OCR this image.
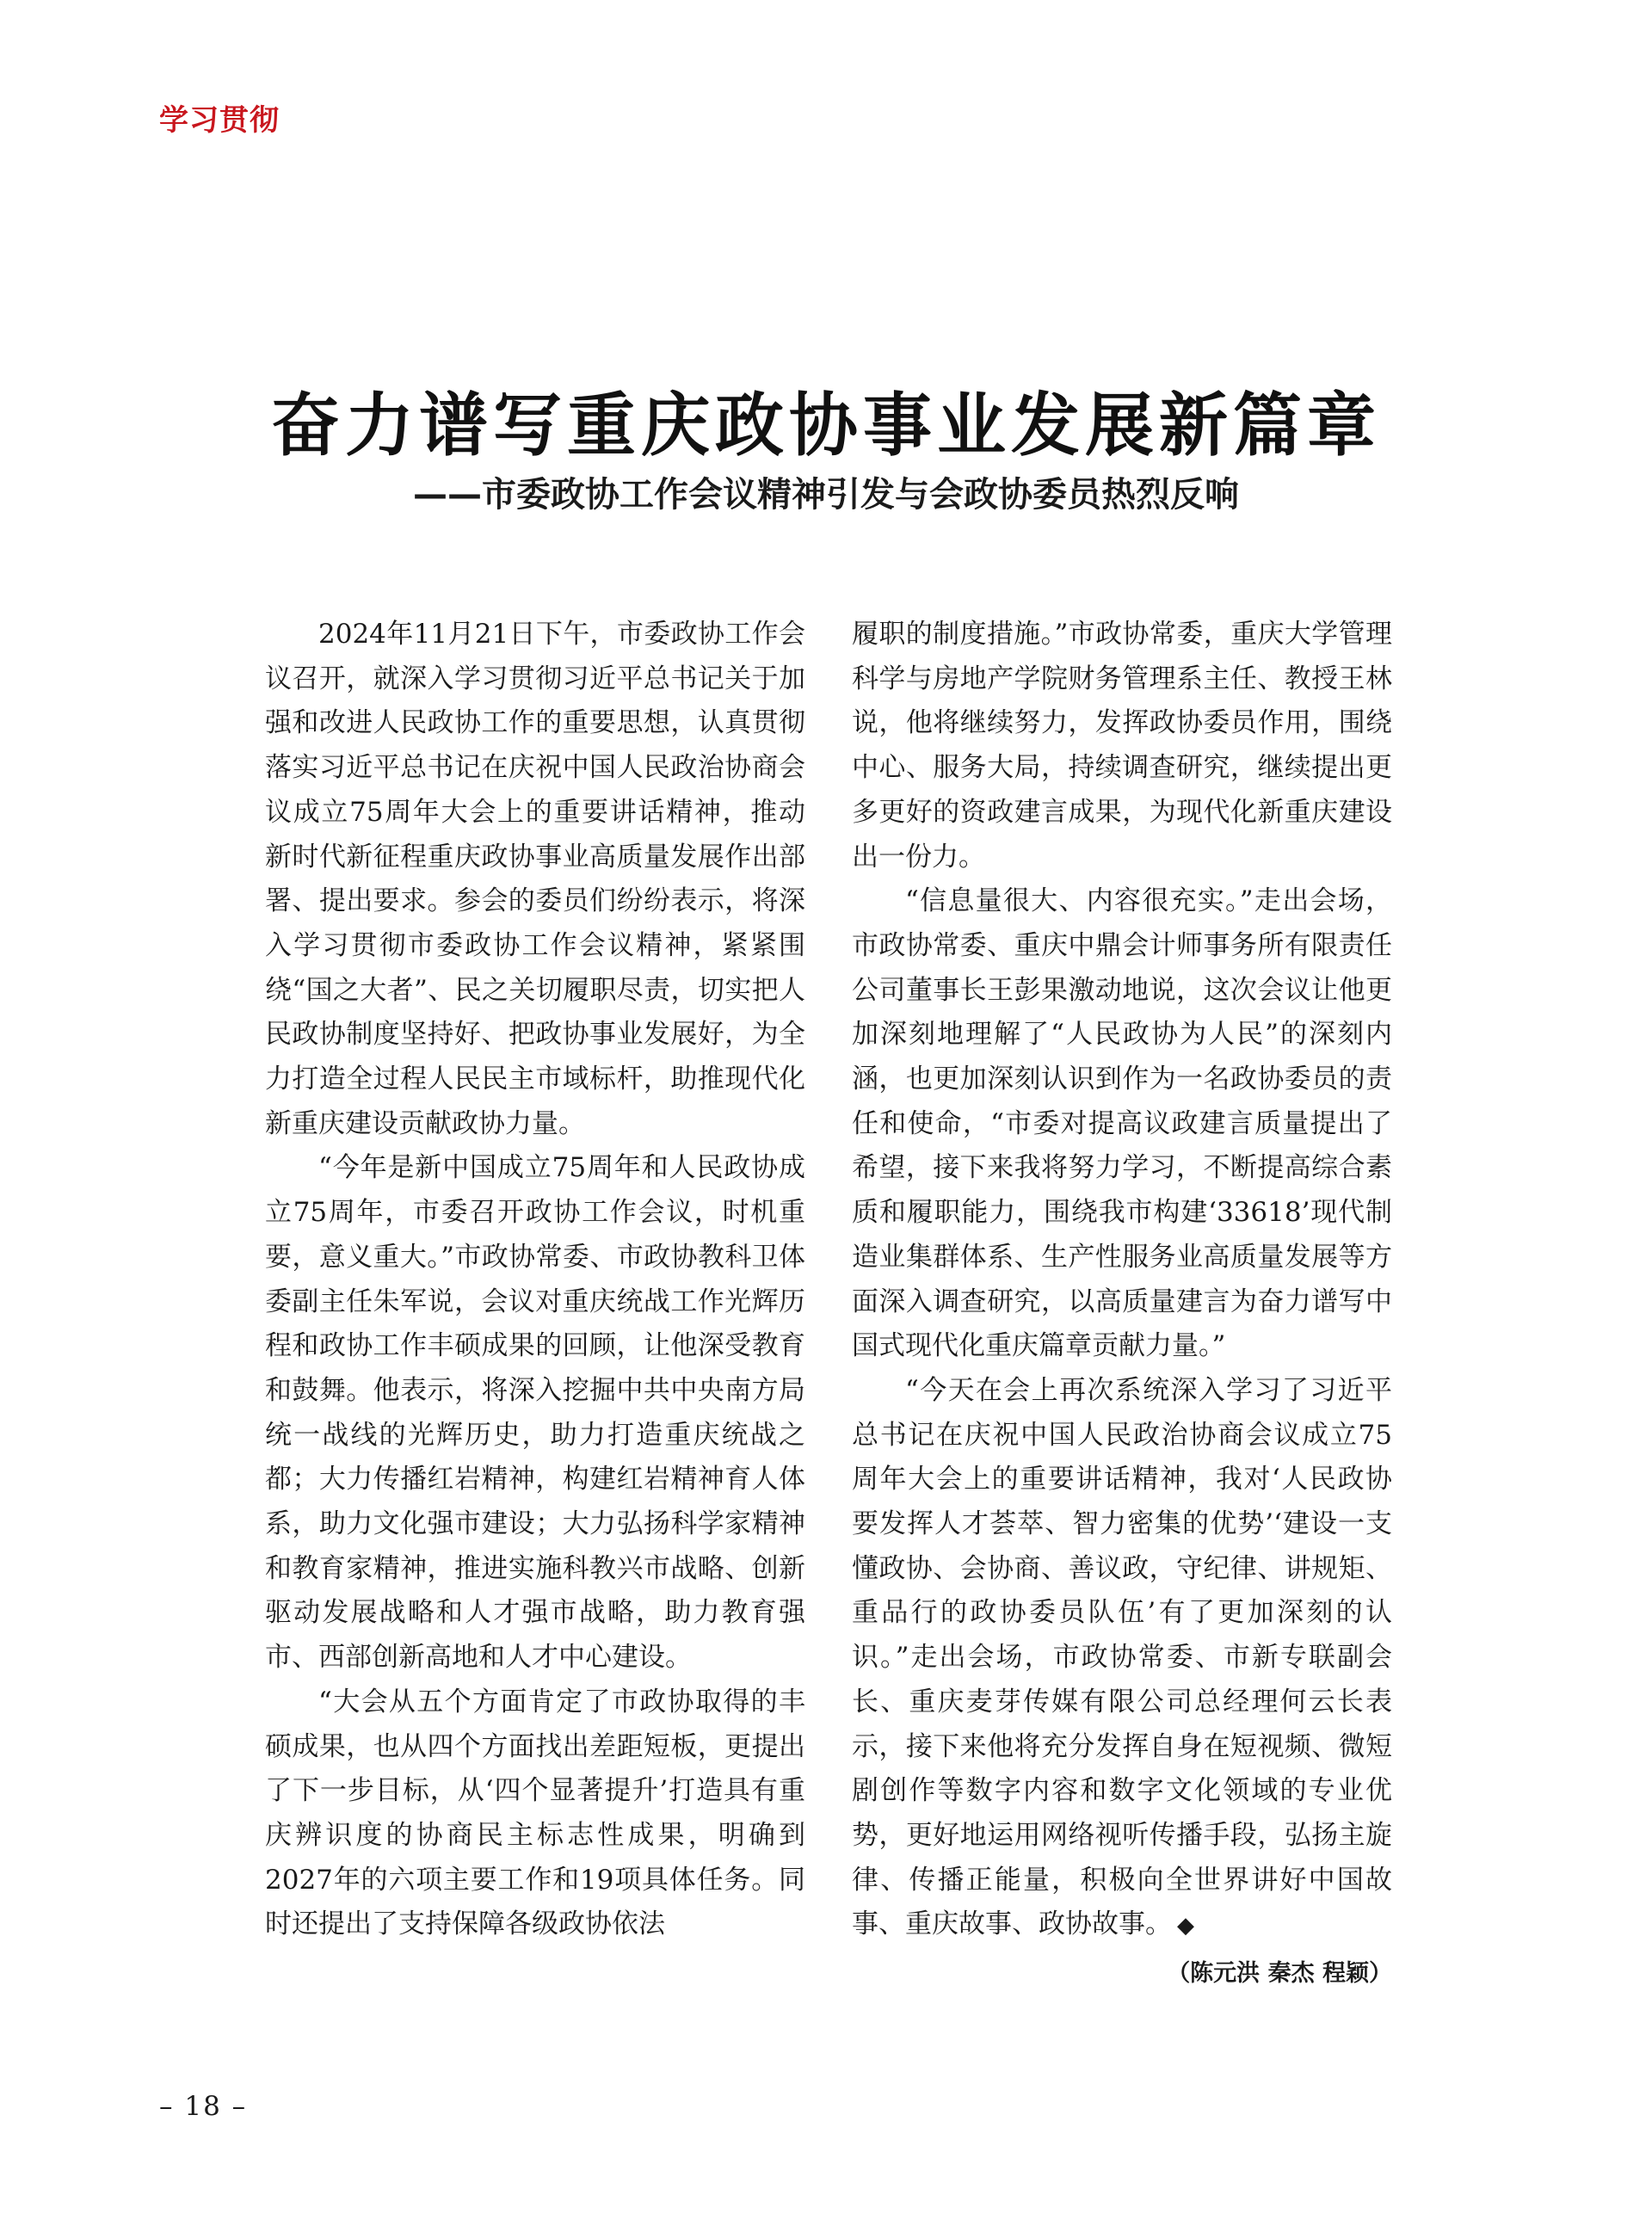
学习贯彻
奋力谱写重庆政协事业发展新篇章
——市委政协工作会议精神引发与会政协委员热烈反响

2024年11月21日下午，市委政协工作会议召开，就深入学习贯彻习近平总书记关于加强和改进人民政协工作的重要思想，认真贯彻落实习近平总书记在庆祝中国人民政治协商会议成立75周年大会上的重要讲话精神，推动新时代新征程重庆政协事业高质量发展作出部署、提出要求。参会的委员们纷纷表示，将深入学习贯彻市委政协工作会议精神，紧紧围绕“国之大者”、民之关切履职尽责，切实把人民政协制度坚持好、把政协事业发展好，为全力打造全过程人民民主市域标杆，助推现代化新重庆建设贡献政协力量。

“今年是新中国成立75周年和人民政协成立75周年，市委召开政协工作会议，时机重要，意义重大。”市政协常委、市政协教科卫体委副主任朱军说，会议对重庆统战工作光辉历程和政协工作丰硕成果的回顾，让他深受教育和鼓舞。他表示，将深入挖掘中共中央南方局统一战线的光辉历史，助力打造重庆统战之都；大力传播红岩精神，构建红岩精神育人体系，助力文化强市建设；大力弘扬科学家精神和教育家精神，推进实施科教兴市战略、创新驱动发展战略和人才强市战略，助力教育强市、西部创新高地和人才中心建设。

“大会从五个方面肯定了市政协取得的丰硕成果，也从四个方面找出差距短板，更提出了下一步目标，从‘四个显著提升’打造具有重庆辨识度的协商民主标志性成果，明确到2027年的六项主要工作和19项具体任务。同时还提出了支持保障各级政协依法

履职的制度措施。”市政协常委，重庆大学管理科学与房地产学院财务管理系主任、教授王林说，他将继续努力，发挥政协委员作用，围绕中心、服务大局，持续调查研究，继续提出更多更好的资政建言成果，为现代化新重庆建设出一份力。

“信息量很大、内容很充实。”走出会场，市政协常委、重庆中鼎会计师事务所有限责任公司董事长王彭果激动地说，这次会议让他更加深刻地理解了“人民政协为人民”的深刻内涵，也更加深刻认识到作为一名政协委员的责任和使命，“市委对提高议政建言质量提出了希望，接下来我将努力学习，不断提高综合素质和履职能力，围绕我市构建‘33618’现代制造业集群体系、生产性服务业高质量发展等方面深入调查研究，以高质量建言为奋力谱写中国式现代化重庆篇章贡献力量。”

“今天在会上再次系统深入学习了习近平总书记在庆祝中国人民政治协商会议成立75周年大会上的重要讲话精神，我对‘人民政协要发挥人才荟萃、智力密集的优势’‘建设一支懂政协、会协商、善议政，守纪律、讲规矩、重品行的政协委员队伍’有了更加深刻的认识。”走出会场，市政协常委、市新专联副会长、重庆麦芽传媒有限公司总经理何云长表示，接下来他将充分发挥自身在短视频、微短剧创作等数字内容和数字文化领域的专业优势，更好地运用网络视听传播手段，弘扬主旋律、传播正能量，积极向全世界讲好中国故事、重庆故事、政协故事。 ◆

（陈元洪 秦杰 程颖）
– 18 –
